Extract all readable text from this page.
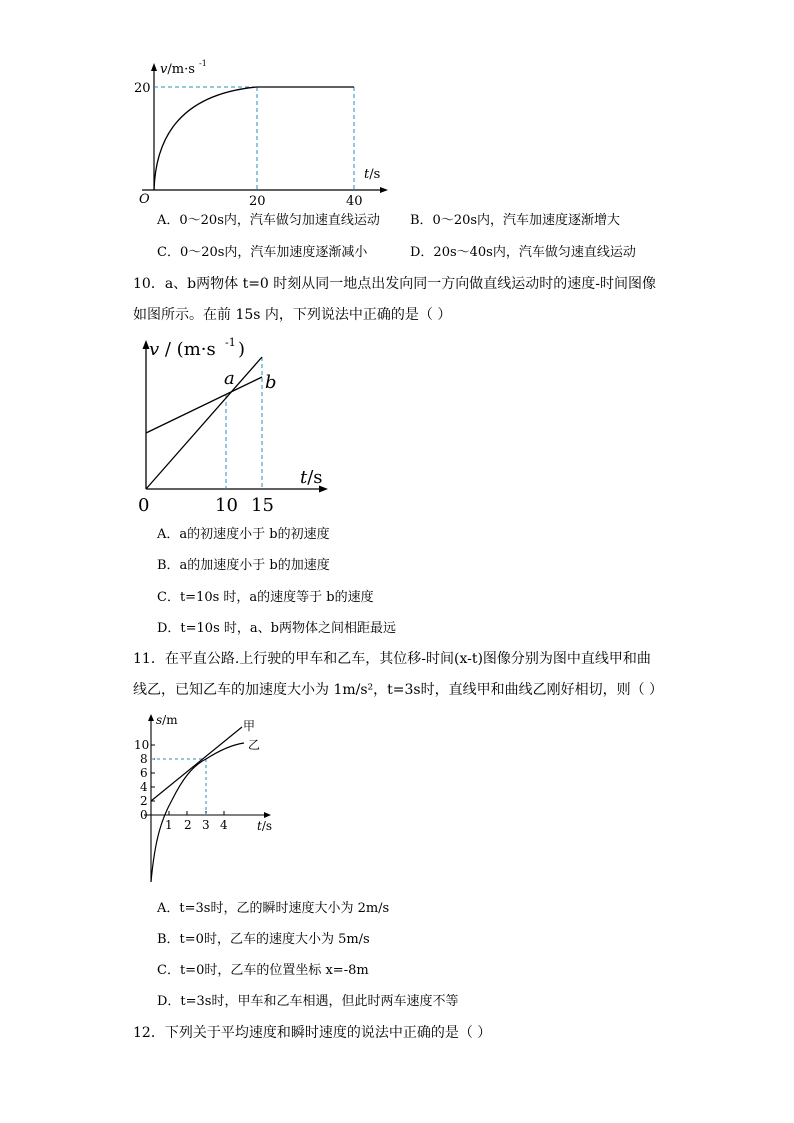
v/m·s -1
20
O	20	40
t/s
A．0～20s内，汽车做匀加速直线运动 B．0～20s内，汽车加速度逐渐增大
C．0～20s内，汽车加速度逐渐减小	D．20s～40s内，汽车做匀速直线运动
10．a、b两物体 t=0 时刻从同一地点出发向同一方向做直线运动时的速度-时间图像
如图所示。在前 15s 内，下列说法中正确的是（ ）
v / (m·s -1 )
a b
0	10 15
t/s
A．a的初速度小于 b的初速度
B．a的加速度小于 b的加速度
C．t=10s 时，a的速度等于 b的速度
D．t=10s 时，a、b两物体之间相距最远
11．在平直公路.上行驶的甲车和乙车，其位移-时间(x-t)图像分别为图中直线甲和曲
线乙，已知乙车的加速度大小为 1m/s²，t=3s时，直线甲和曲线乙刚好相切，则（ ）
s/m	甲
乙
10
8
6
4
2
0
1 2 3 4 t/s
A．t=3s时，乙的瞬时速度大小为 2m/s
B．t=0时，乙车的速度大小为 5m/s
C．t=0时，乙车的位置坐标 x=-8m
D．t=3s时，甲车和乙车相遇，但此时两车速度不等
12．下列关于平均速度和瞬时速度的说法中正确的是（ ）
